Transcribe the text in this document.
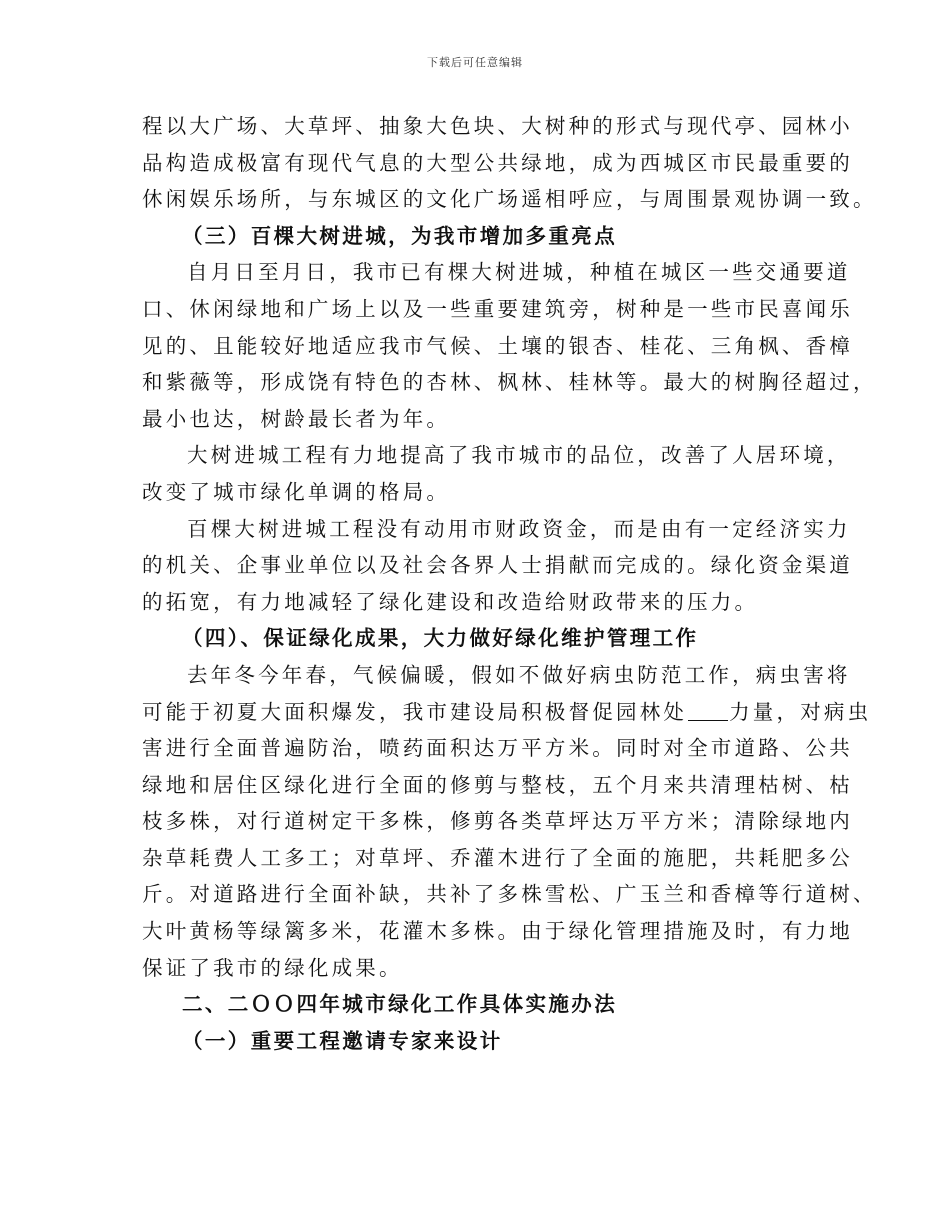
下载后可任意编辑
程以大广场、大草坪、抽象大色块、大树种的形式与现代亭、园林小
品构造成极富有现代气息的大型公共绿地，成为西城区市民最重要的
休闲娱乐场所，与东城区的文化广场遥相呼应，与周围景观协调一致。
（三）百棵大树进城，为我市增加多重亮点
自月日至月日，我市已有棵大树进城，种植在城区一些交通要道
口、休闲绿地和广场上以及一些重要建筑旁，树种是一些市民喜闻乐
见的、且能较好地适应我市气候、土壤的银杏、桂花、三角枫、香樟
和紫薇等，形成饶有特色的杏林、枫林、桂林等。最大的树胸径超过，
最小也达，树龄最长者为年。
大树进城工程有力地提高了我市城市的品位，改善了人居环境，
改变了城市绿化单调的格局。
百棵大树进城工程没有动用市财政资金，而是由有一定经济实力
的机关、企事业单位以及社会各界人士捐献而完成的。绿化资金渠道
的拓宽，有力地减轻了绿化建设和改造给财政带来的压力。
（四）、保证绿化成果，大力做好绿化维护管理工作
去年冬今年春，气候偏暖，假如不做好病虫防范工作，病虫害将
可能于初夏大面积爆发，我市建设局积极督促园林处 力量，对病虫
害进行全面普遍防治，喷药面积达万平方米。同时对全市道路、公共
绿地和居住区绿化进行全面的修剪与整枝，五个月来共清理枯树、枯
枝多株，对行道树定干多株，修剪各类草坪达万平方米；清除绿地内
杂草耗费人工多工；对草坪、乔灌木进行了全面的施肥，共耗肥多公
斤。对道路进行全面补缺，共补了多株雪松、广玉兰和香樟等行道树、
大叶黄杨等绿篱多米，花灌木多株。由于绿化管理措施及时，有力地
保证了我市的绿化成果。
二、二ＯＯ四年城市绿化工作具体实施办法
（一）重要工程邀请专家来设计
